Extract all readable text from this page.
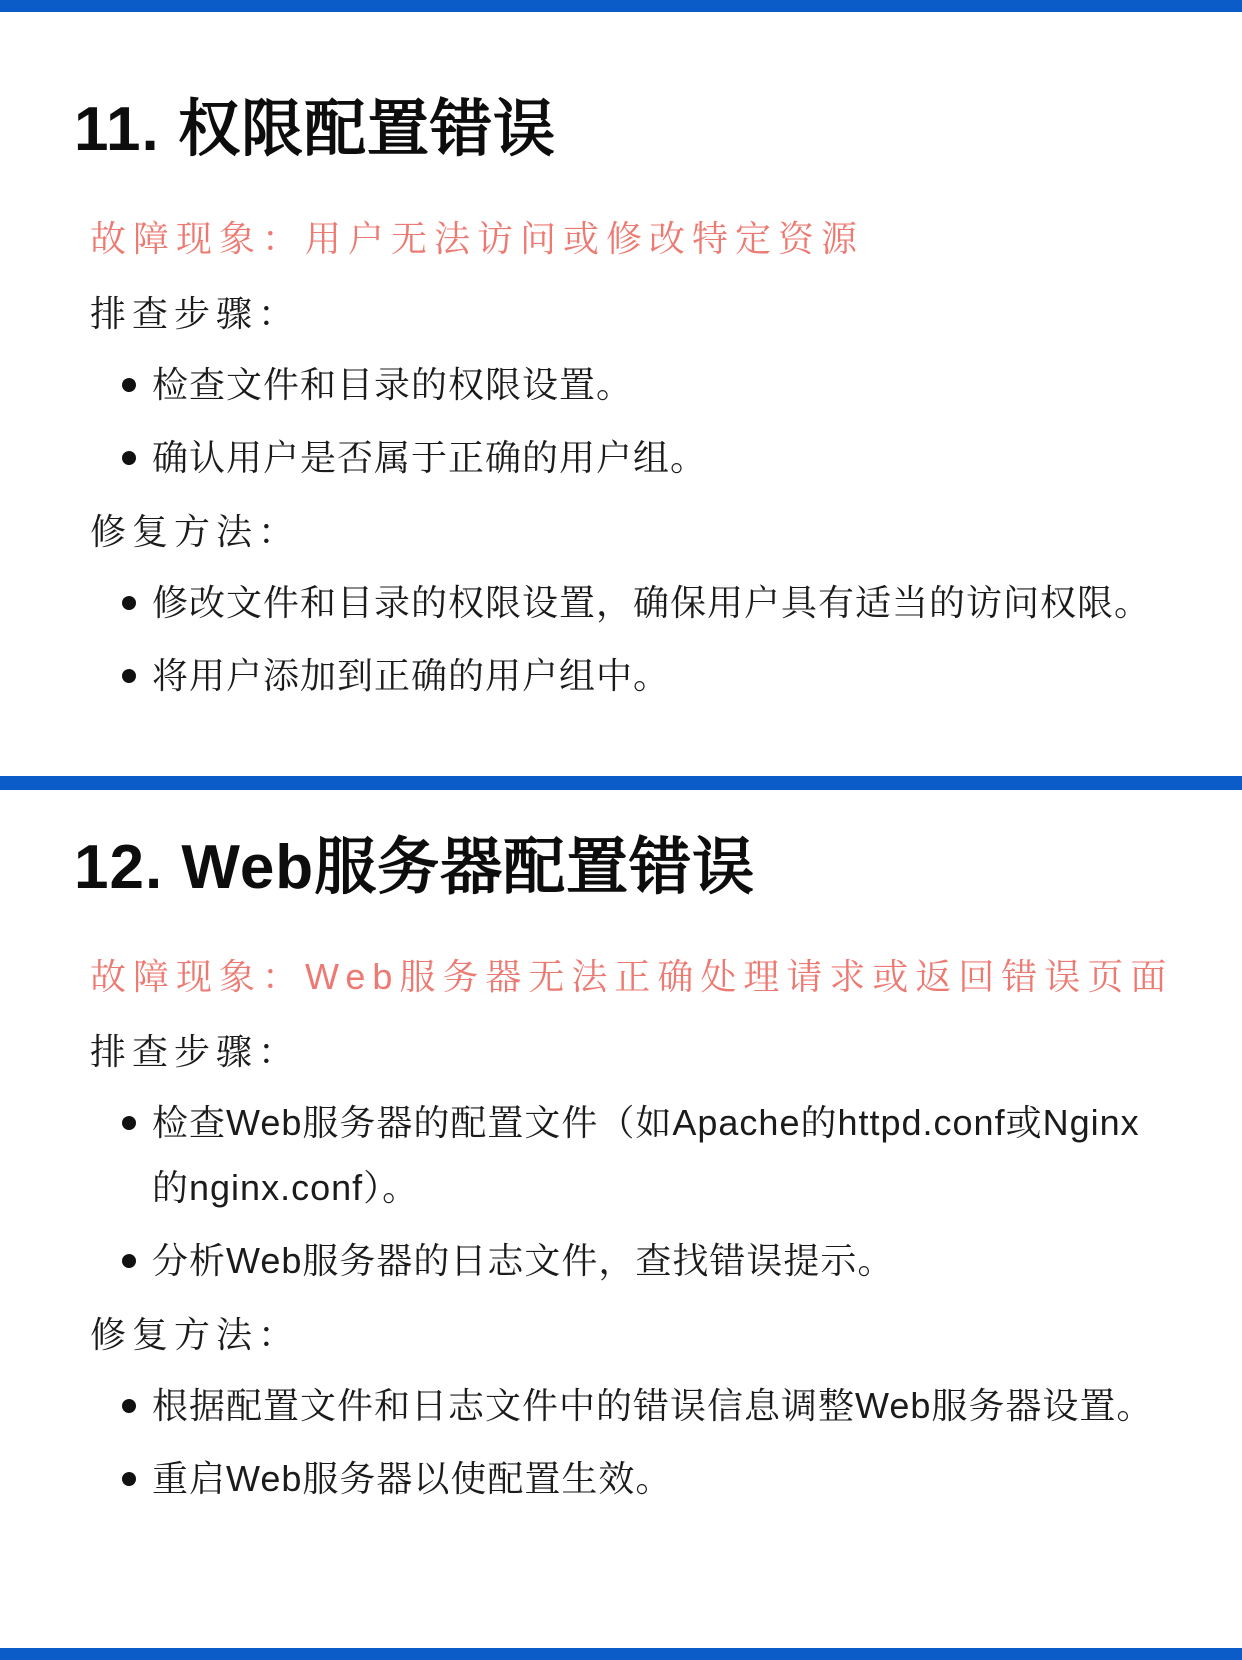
11. 权限配置错误
故障现象：用户无法访问或修改特定资源
排查步骤：
检查文件和目录的权限设置。
确认用户是否属于正确的用户组。
修复方法：
修改文件和目录的权限设置，确保用户具有适当的访问权限。
将用户添加到正确的用户组中。
12. Web服务器配置错误
故障现象：Web服务器无法正确处理请求或返回错误页面
排查步骤：
检查Web服务器的配置文件（如Apache的httpd.conf或Nginx的nginx.conf）。
分析Web服务器的日志文件，查找错误提示。
修复方法：
根据配置文件和日志文件中的错误信息调整Web服务器设置。
重启Web服务器以使配置生效。
